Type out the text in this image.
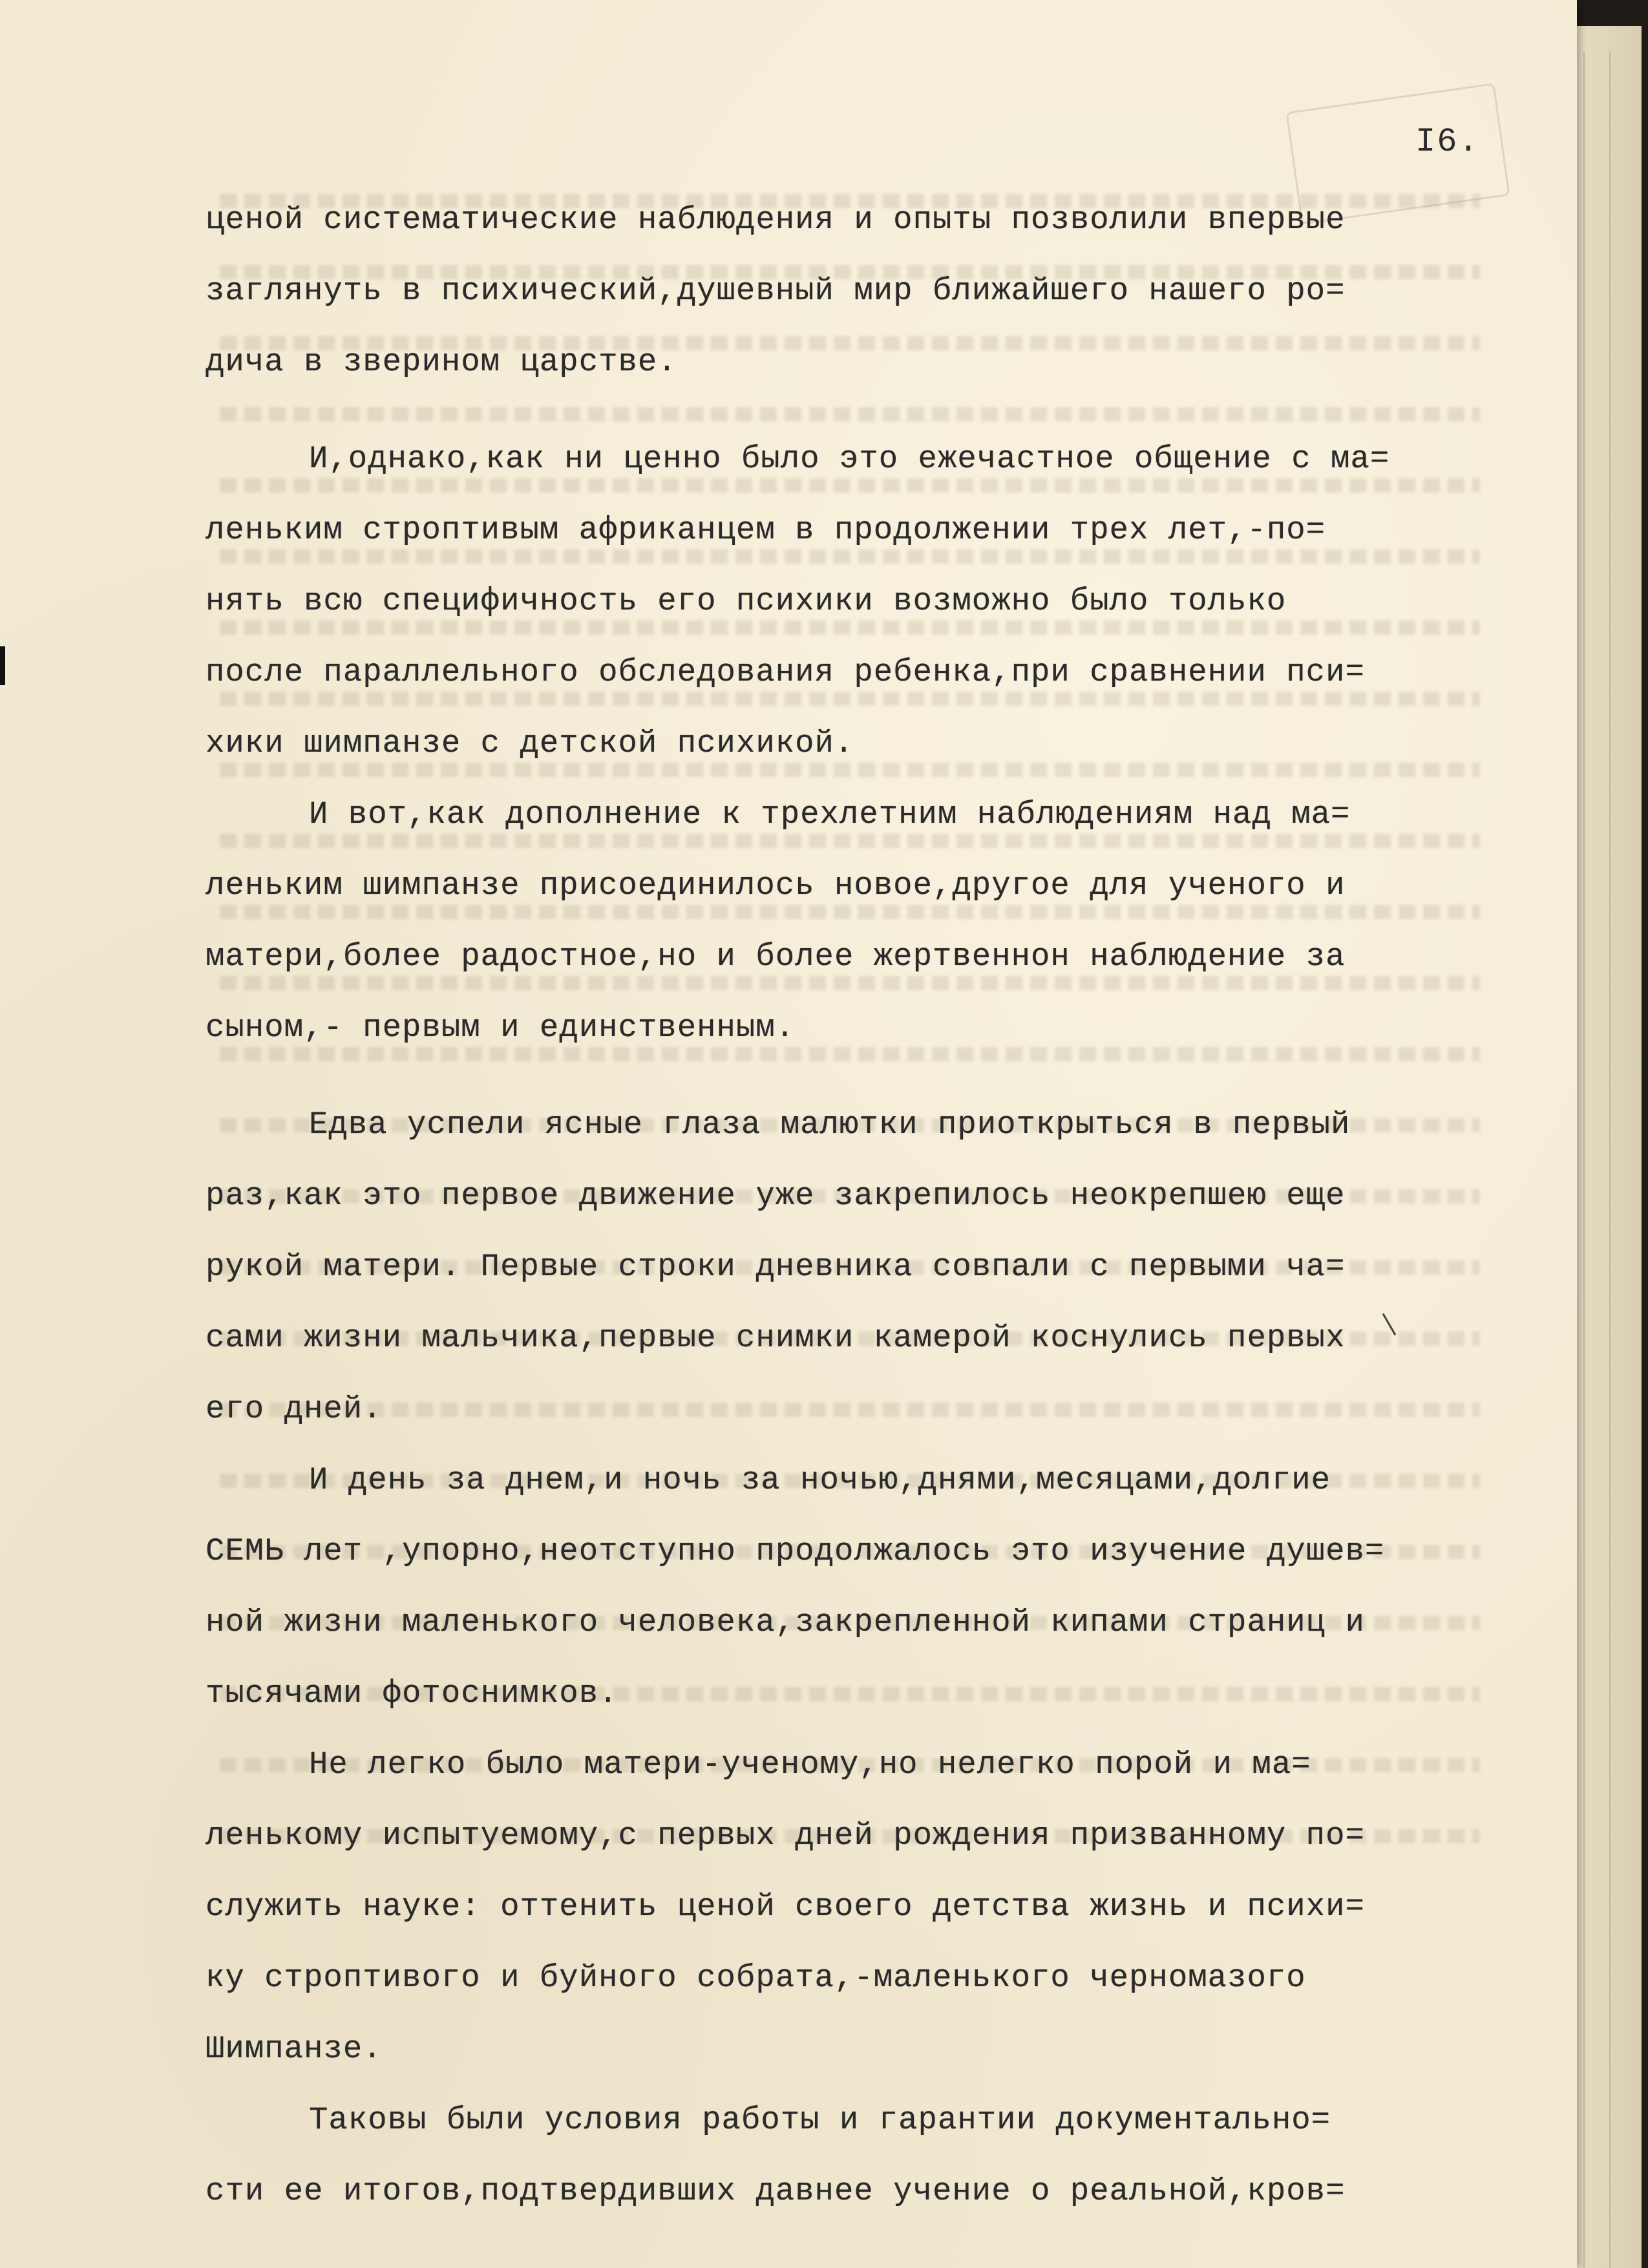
I6.
ценой систематические наблюдения и опыты позволили впервые
заглянуть в психический,душевный мир ближайшего нашего ро=
дича в зверином царстве.
И,однако,как ни ценно было это ежечастное общение с ма=
леньким строптивым африканцем в продолжении трех лет,-по=
нять всю специфичность его психики возможно было только
после параллельного обследования ребенка,при сравнении пси=
хики шимпанзе с детской психикой.
И вот,как дополнение к трехлетним наблюдениям над ма=
леньким шимпанзе присоединилось новое,другое для ученого и
матери,более радостное,но и более жертвеннон наблюдение за
сыном,- первым и единственным.
Едва успели ясные глаза малютки приоткрыться в первый
раз,как это первое движение уже закрепилось неокрепшею еще
рукой матери. Первые строки дневника совпали с первыми ча=
сами жизни мальчика,первые снимки камерой коснулись первых
его дней.
И день за днем,и ночь за ночью,днями,месяцами,долгие
СЕМЬ лет ,упорно,неотступно продолжалось это изучение душев=
ной жизни маленького человека,закрепленной кипами страниц и
тысячами фотоснимков.
Не легко было матери-ученому,но нелегко порой и ма=
ленькому испытуемому,с первых дней рождения призванному по=
служить науке: оттенить ценой своего детства жизнь и психи=
ку строптивого и буйного собрата,-маленького черномазого
Шимпанзе.
Таковы были условия работы и гарантии документально=
сти ее итогов,подтвердивших давнее учение о реальной,кров=
